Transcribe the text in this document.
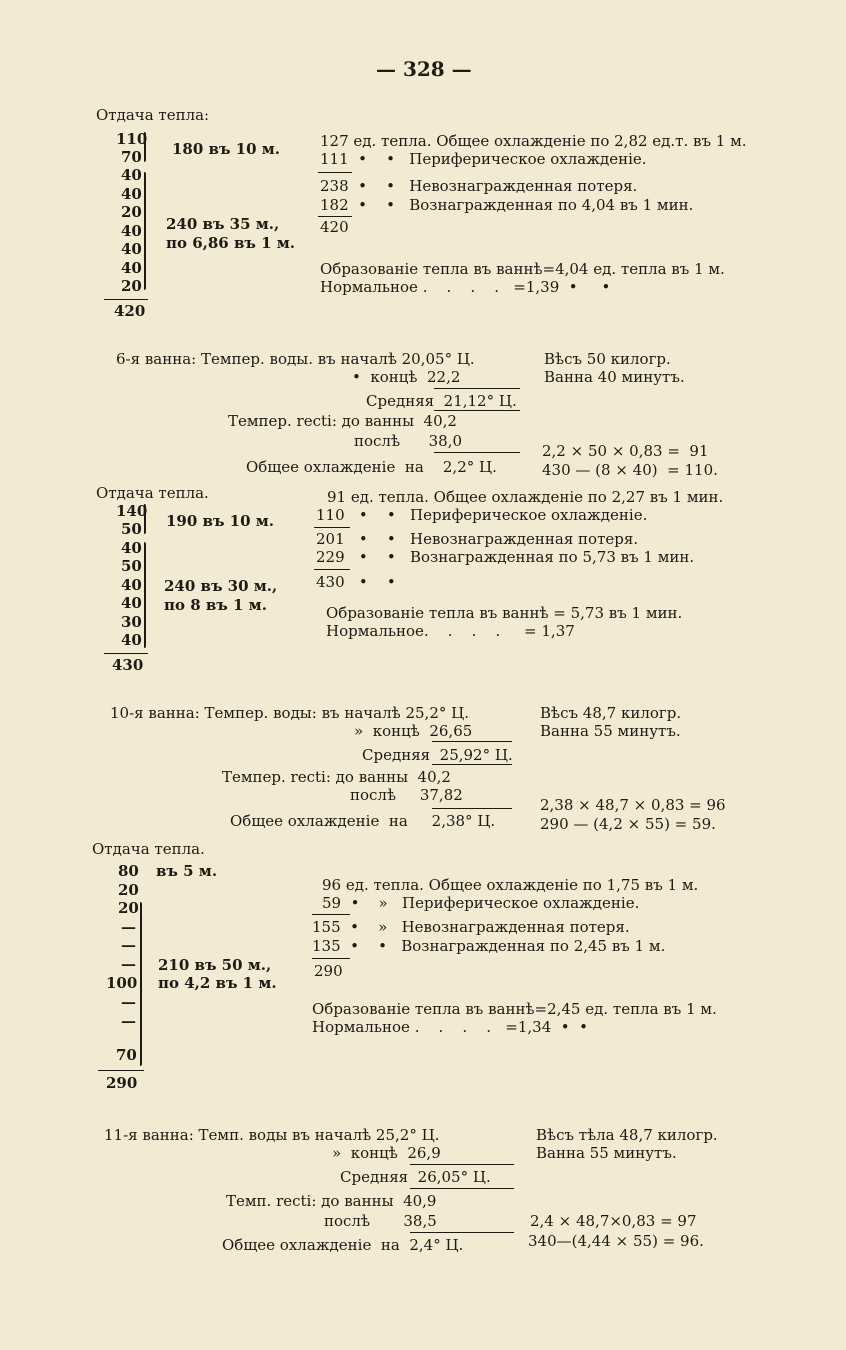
— 328 —
Отдача тепла:
110
70
40
40
20
40
40
40
20
420
180 въ 10 м.
240 въ 35 м.,
по 6,86 въ 1 м.
127 ед. тепла. Общее охлажденіе по 2,82 ед.т. въ 1 м.
111  •    •   Периферическое охлажденіе.
238  •    •   Невознагражденная потеря.
182  •    •   Вознагражденная по 4,04 въ 1 мин.
420
Образованіе тепла въ ваннѣ=4,04 ед. тепла въ 1 м.
Нормальное .    .    .    .   =1,39  •     •
6-я ванна: Темпер. воды. въ началѣ 20,05° Ц.	Вѣсъ 50 килогр.
•  концѣ  22,2	Ванна 40 минутъ.
Средняя  21,12° Ц.
Темпер. recti: до ванны  40,2
послѣ      38,0
2,2 × 50 × 0,83 =  91
Общее охлажденіе  на    2,2° Ц.	430 — (8 × 40)  = 110.
Отдача тепла.
140
50
40
50
40
40
30
40
430
190 въ 10 м.
240 въ 30 м.,
по 8 въ 1 м.
91 ед. тепла. Общее охлажденіе по 2,27 въ 1 мин.
110   •    •   Периферическое охлажденіе.
201   •    •   Невознагражденная потеря.
229   •    •   Вознагражденная по 5,73 въ 1 мин.
430   •    •
Образованіе тепла въ ваннѣ = 5,73 въ 1 мин.
Нормальное.    .    .    .     = 1,37
10-я ванна: Темпер. воды: въ началѣ 25,2° Ц.	Вѣсъ 48,7 килогр.
»  концѣ  26,65	Ванна 55 минутъ.
Средняя  25,92° Ц.
Темпер. recti: до ванны  40,2
послѣ     37,82
2,38 × 48,7 × 0,83 = 96
Общее охлажденіе  на     2,38° Ц.	290 — (4,2 × 55) = 59.
Отдача тепла.
80
20
20
—
—
—
100
—
—
70
290
въ 5 м.
210 въ 50 м.,
по 4,2 въ 1 м.
96 ед. тепла. Общее охлажденіе по 1,75 въ 1 м.
59  •    »   Периферическое охлажденіе.
155  •    »   Невознагражденная потеря.
135  •    •   Вознагражденная по 2,45 въ 1 м.
290
Образованіе тепла въ ваннѣ=2,45 ед. тепла въ 1 м.
Нормальное .    .    .    .   =1,34  •  •
11-я ванна: Темп. воды въ началѣ 25,2° Ц.	Вѣсъ тѣла 48,7 килогр.
»  концѣ  26,9	Ванна 55 минутъ.
Средняя  26,05° Ц.
Темп. recti: до ванны  40,9
послѣ       38,5	2,4 × 48,7×0,83 = 97
Общее охлажденіе  на  2,4° Ц.	340—(4,44 × 55) = 96.
